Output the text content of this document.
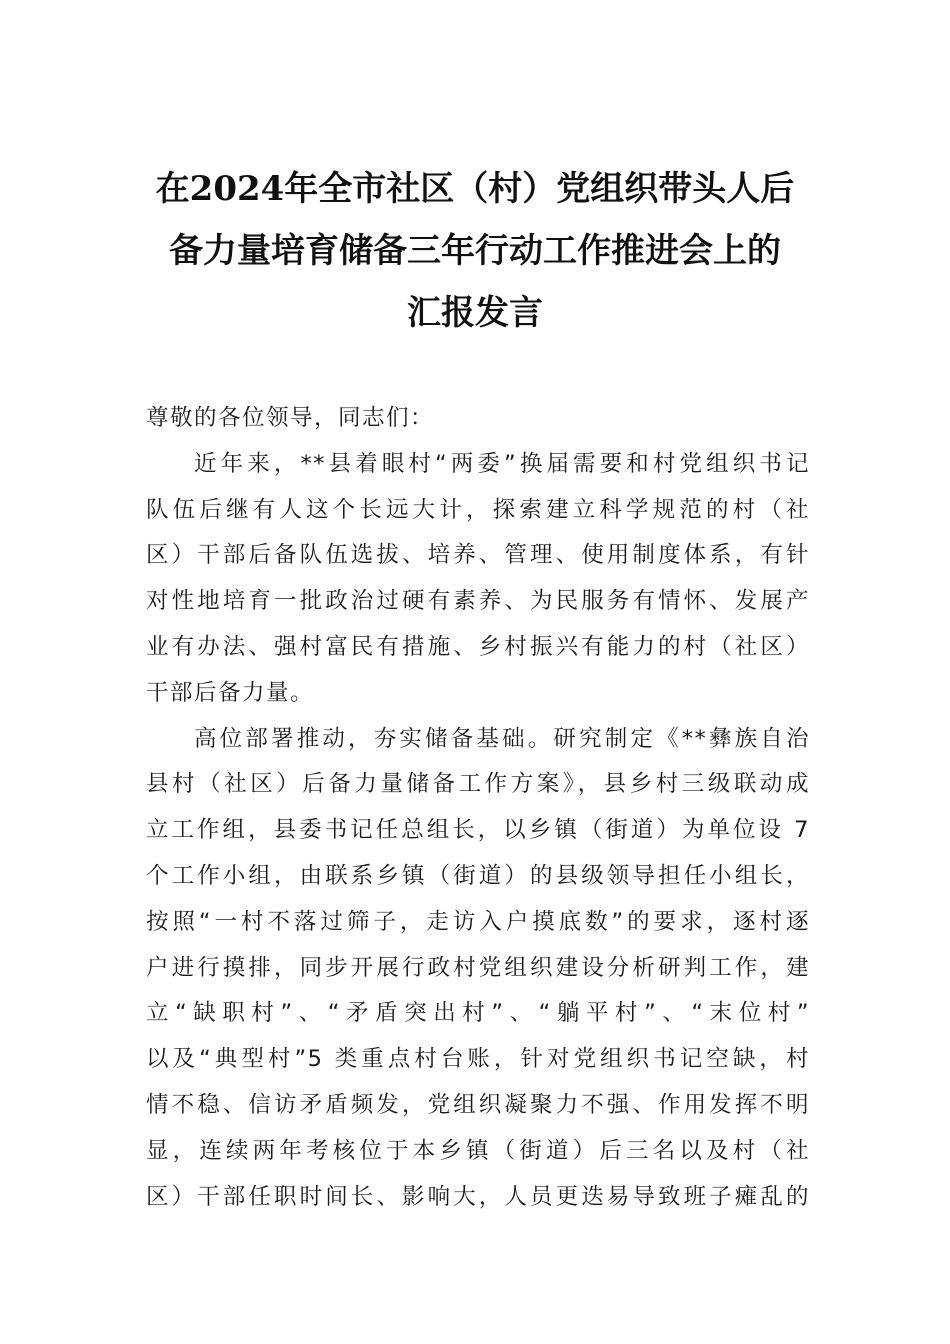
在2024年全市社区（村）党组织带头人后
备力量培育储备三年行动工作推进会上的
汇报发言
尊敬的各位领导，同志们：
近年来，**县着眼村“两委”换届需要和村党组织书记
队伍后继有人这个长远大计，探索建立科学规范的村（社
区）干部后备队伍选拔、培养、管理、使用制度体系，有针
对性地培育一批政治过硬有素养、为民服务有情怀、发展产
业有办法、强村富民有措施、乡村振兴有能力的村（社区）
干部后备力量。
高位部署推动，夯实储备基础。研究制定《**彝族自治
县村（社区）后备力量储备工作方案》，县乡村三级联动成
立工作组，县委书记任总组长，以乡镇（街道）为单位设 7
个工作小组，由联系乡镇（街道）的县级领导担任小组长，
按照“一村不落过筛子，走访入户摸底数”的要求，逐村逐
户进行摸排，同步开展行政村党组织建设分析研判工作，建
立“缺职村”、“矛盾突出村”、“躺平村”、“末位村”
以及“典型村”5 类重点村台账，针对党组织书记空缺，村
情不稳、信访矛盾频发，党组织凝聚力不强、作用发挥不明
显，连续两年考核位于本乡镇（街道）后三名以及村（社
区）干部任职时间长、影响大，人员更迭易导致班子瘫乱的
